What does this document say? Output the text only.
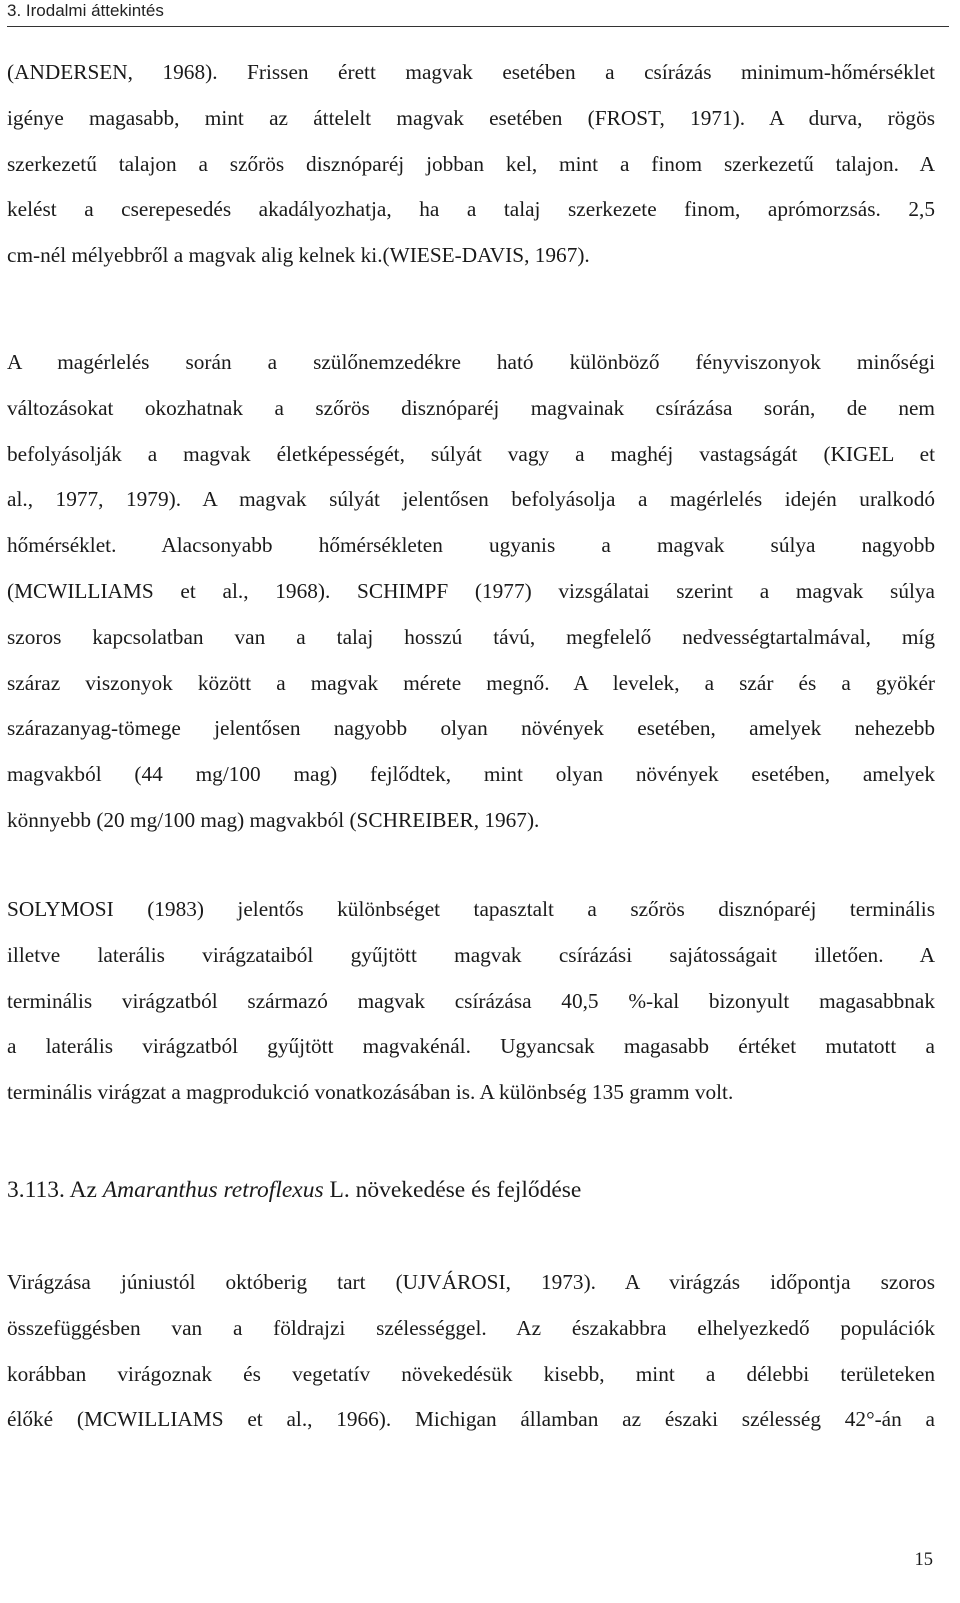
3. Irodalmi áttekintés

(ANDERSEN, 1968). Frissen érett magvak esetében a csírázás minimum-hőmérséklet
igénye magasabb, mint az áttelelt magvak esetében (FROST, 1971). A durva, rögös
szerkezetű talajon a szőrös disznóparéj jobban kel, mint a finom szerkezetű talajon. A
kelést a cserepesedés akadályozhatja, ha a talaj szerkezete finom, aprómorzsás. 2,5
cm-nél mélyebbről a magvak alig kelnek ki.(WIESE-DAVIS, 1967).

A magérlelés során a szülőnemzedékre ható különböző fényviszonyok minőségi
változásokat okozhatnak a szőrös disznóparéj magvainak csírázása során, de nem
befolyásolják a magvak életképességét, súlyát vagy a maghéj vastagságát (KIGEL et
al., 1977, 1979). A magvak súlyát jelentősen befolyásolja a magérlelés idején uralkodó
hőmérséklet. Alacsonyabb hőmérsékleten ugyanis a magvak súlya nagyobb
(MCWILLIAMS et al., 1968). SCHIMPF (1977) vizsgálatai szerint a magvak súlya
szoros kapcsolatban van a talaj hosszú távú, megfelelő nedvességtartalmával, míg
száraz viszonyok között a magvak mérete megnő. A levelek, a szár és a gyökér
szárazanyag-tömege jelentősen nagyobb olyan növények esetében, amelyek nehezebb
magvakból (44 mg/100 mag) fejlődtek, mint olyan növények esetében, amelyek
könnyebb (20 mg/100 mag) magvakból (SCHREIBER, 1967).

SOLYMOSI (1983) jelentős különbséget tapasztalt a szőrös disznóparéj terminális
illetve laterális virágzataiból gyűjtött magvak csírázási sajátosságait illetően. A
terminális virágzatból származó magvak csírázása 40,5 %-kal bizonyult magasabbnak
a laterális virágzatból gyűjtött magvakénál. Ugyancsak magasabb értéket mutatott a
terminális virágzat a magprodukció vonatkozásában is. A különbség 135 gramm volt.

3.113. Az Amaranthus retroflexus L. növekedése és fejlődése

Virágzása júniustól októberig tart (UJVÁROSI, 1973). A virágzás időpontja szoros
összefüggésben van a földrajzi szélességgel. Az északabbra elhelyezkedő populációk
korábban virágoznak és vegetatív növekedésük kisebb, mint a délebbi területeken
élőké (MCWILLIAMS et al., 1966). Michigan államban az északi szélesség 42°-án a

15
